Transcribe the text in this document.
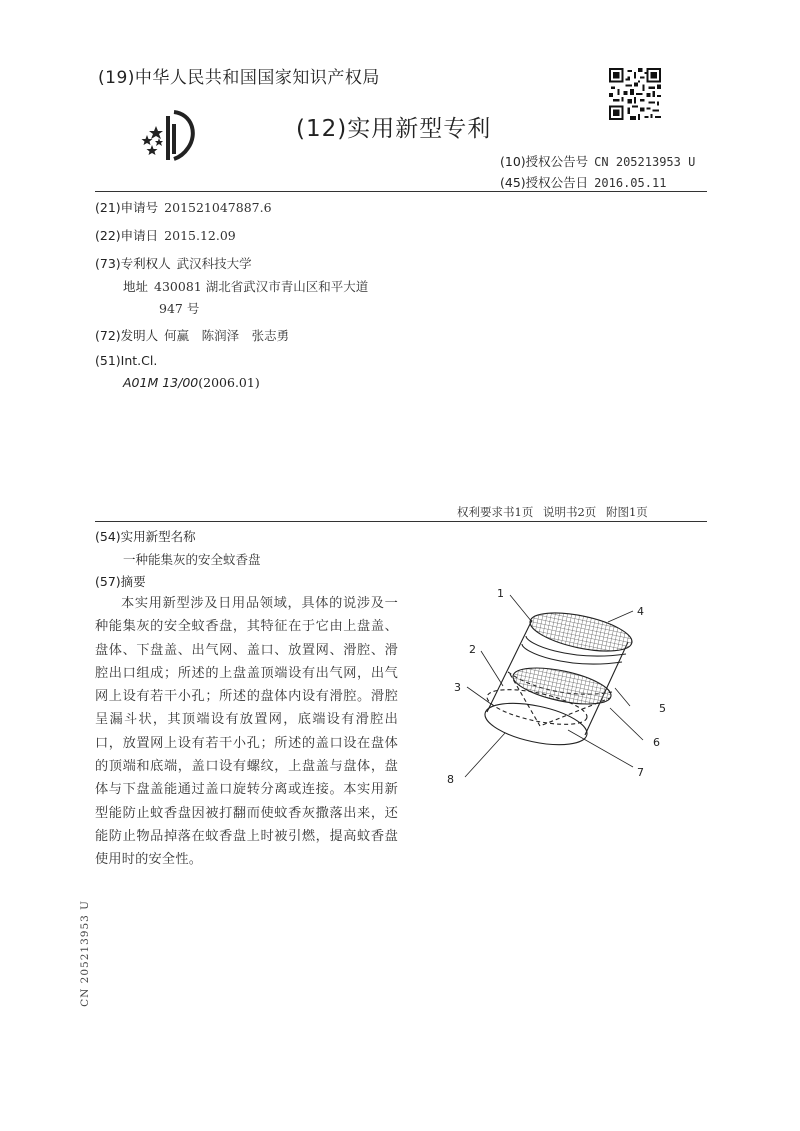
(19)中华人民共和国国家知识产权局
(12)实用新型专利
(10)授权公告号 CN 205213953 U
(45)授权公告日 2016.05.11
(21)申请号 201521047887.6
(22)申请日 2015.12.09
(73)专利权人 武汉科技大学
地址 430081 湖北省武汉市青山区和平大道
947 号
(72)发明人 何赢　陈润泽　张志勇
(51)Int.Cl.
A01M 13/00(2006.01)
权利要求书1页 说明书2页 附图1页
(54)实用新型名称
一种能集灰的安全蚊香盘
(57)摘要
本实用新型涉及日用品领域，具体的说涉及一种能集灰的安全蚊香盘，其特征在于它由上盘盖、盘体、下盘盖、出气网、盖口、放置网、滑腔、滑腔出口组成；所述的上盘盖顶端设有出气网，出气网上设有若干小孔；所述的盘体内设有滑腔。滑腔呈漏斗状，其顶端设有放置网，底端设有滑腔出口，放置网上设有若干小孔；所述的盖口设在盘体的顶端和底端，盖口设有螺纹，上盘盖与盘体，盘体与下盘盖能通过盖口旋转分离或连接。本实用新型能防止蚊香盘因被打翻而使蚊香灰撒落出来，还能防止物品掉落在蚊香盘上时被引燃，提高蚊香盘使用时的安全性。
1
2
3
4
5
6
7
8
CN 205213953 U
